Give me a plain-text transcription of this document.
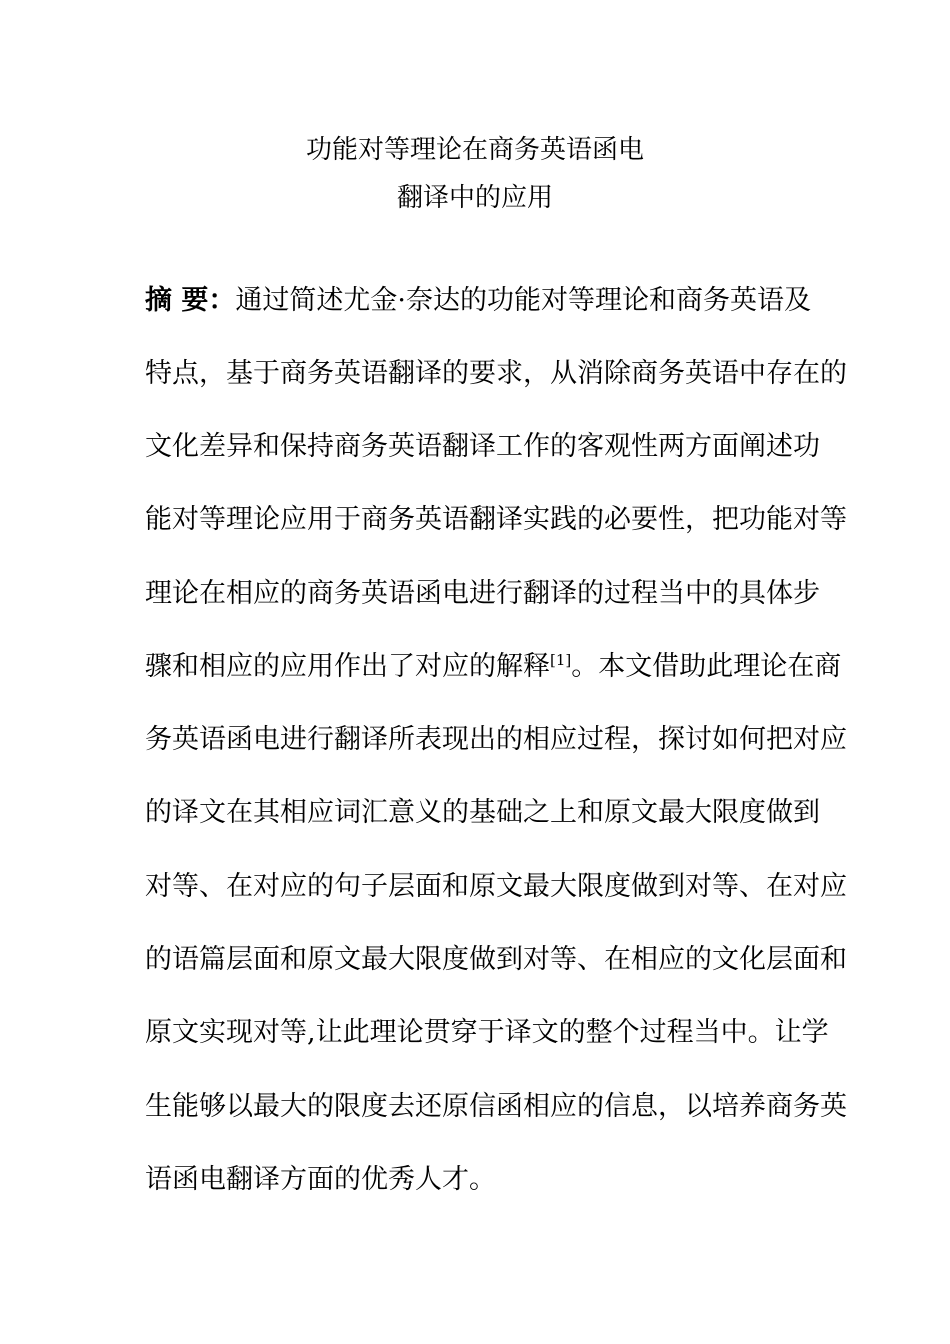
功能对等理论在商务英语函电
翻译中的应用
摘 要：通过简述尤金·奈达的功能对等理论和商务英语及
特点，基于商务英语翻译的要求，从消除商务英语中存在的
文化差异和保持商务英语翻译工作的客观性两方面阐述功
能对等理论应用于商务英语翻译实践的必要性，把功能对等
理论在相应的商务英语函电进行翻译的过程当中的具体步
骤和相应的应用作出了对应的解释[1]。本文借助此理论在商
务英语函电进行翻译所表现出的相应过程，探讨如何把对应
的译文在其相应词汇意义的基础之上和原文最大限度做到
对等、在对应的句子层面和原文最大限度做到对等、在对应
的语篇层面和原文最大限度做到对等、在相应的文化层面和
原文实现对等,让此理论贯穿于译文的整个过程当中。让学
生能够以最大的限度去还原信函相应的信息，以培养商务英
语函电翻译方面的优秀人才。
